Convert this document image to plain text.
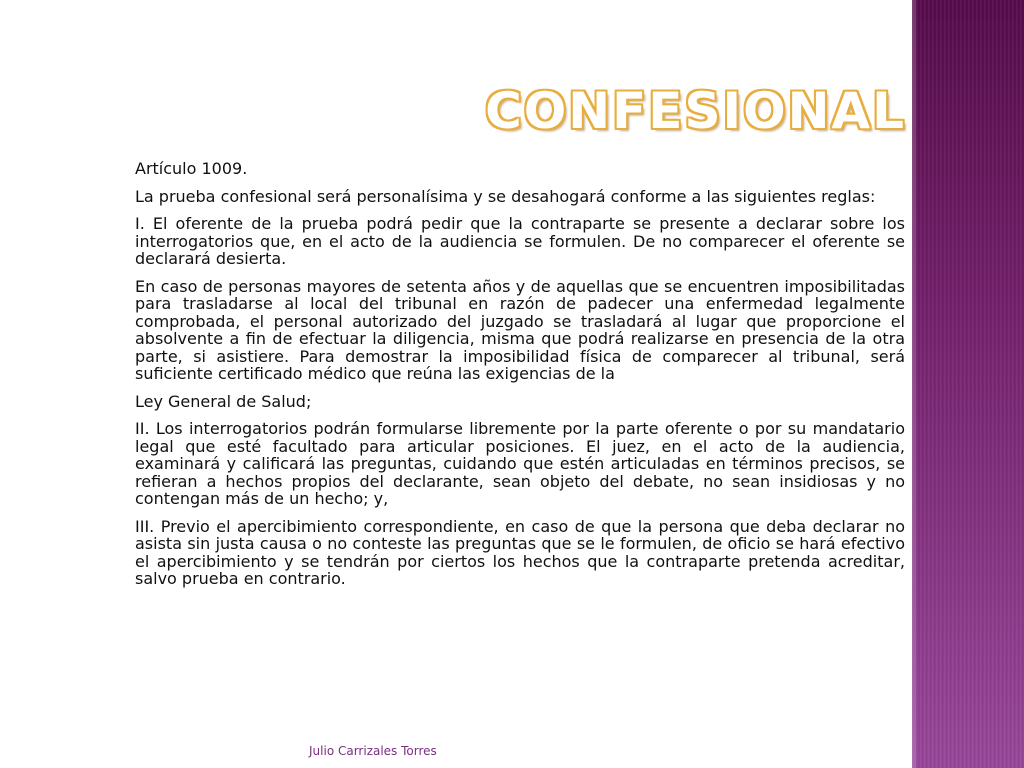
CONFESIONAL

Artículo 1009.

La prueba confesional será personalísima y se desahogará conforme a las siguientes reglas:

I. El oferente de la prueba podrá pedir que la contraparte se presente a declarar sobre los interrogatorios que, en el acto de la audiencia se formulen. De no comparecer el oferente se declarará desierta.

En caso de personas mayores de setenta años y de aquellas que se encuentren imposibilitadas para trasladarse al local del tribunal en razón de padecer una enfermedad legalmente comprobada, el personal autorizado del juzgado se trasladará al lugar que proporcione el absolvente a fin de efectuar la diligencia, misma que podrá realizarse en presencia de la otra parte, si asistiere. Para demostrar la imposibilidad física de comparecer al tribunal, será suficiente certificado médico que reúna las exigencias de la

Ley General de Salud;

II. Los interrogatorios podrán formularse libremente por la parte oferente o por su mandatario legal que esté facultado para articular posiciones. El juez, en el acto de la audiencia, examinará y calificará las preguntas, cuidando que estén articuladas en términos precisos, se refieran a hechos propios del declarante, sean objeto del debate, no sean insidiosas y no contengan más de un hecho; y,

III. Previo el apercibimiento correspondiente, en caso de que la persona que deba declarar no asista sin justa causa o no conteste las preguntas que se le formulen, de oficio se hará efectivo el apercibimiento y se tendrán por ciertos los hechos que la contraparte pretenda acreditar, salvo prueba en contrario.

Julio Carrizales Torres
